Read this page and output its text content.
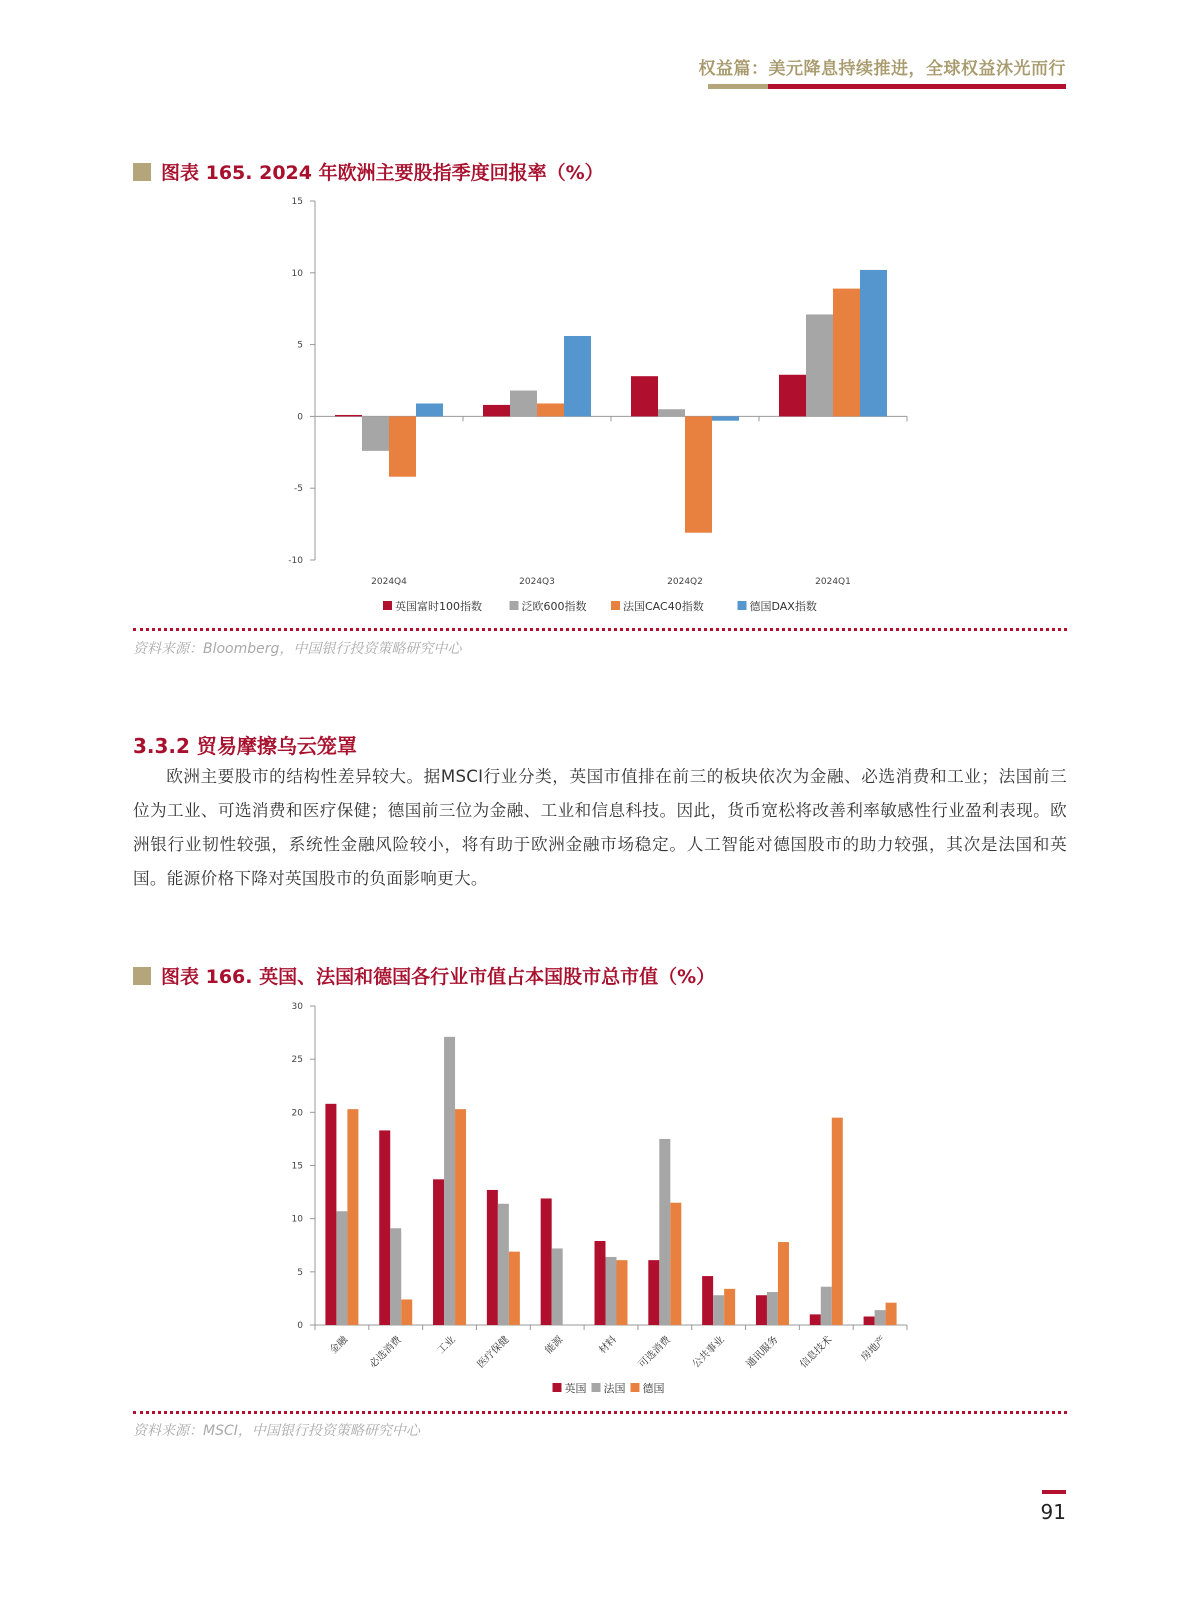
权益篇：美元降息持续推进，全球权益沐光而行
图表 165. 2024 年欧洲主要股指季度回报率（%）
15
10
5
0
-5
-10
2024Q4	2024Q3	2024Q2	2024Q1
英国富时100指数	泛欧600指数	法国CAC40指数	德国DAX指数
资料来源：Bloomberg，中国银行投资策略研究中心
3.3.2 贸易摩擦乌云笼罩

欧洲主要股市的结构性差异较大。据MSCI行业分类，英国市值排在前三的板块依次为金融、必选消费和工业；法国前三位为工业、可选消费和医疗保健；德国前三位为金融、工业和信息科技。因此，货币宽松将改善利率敏感性行业盈利表现。欧洲银行业韧性较强，系统性金融风险较小，将有助于欧洲金融市场稳定。人工智能对德国股市的助力较强，其次是法国和英国。能源价格下降对英国股市的负面影响更大。

图表 166. 英国、法国和德国各行业市值占本国股市总市值（%）
30
25
20
15
10
5
0
金融 必选消费	工业 医疗保健	能源	材料 可选消费 公共事业 通讯服务 信息技术 房地产
英国 法国 德国
资料来源：MSCI，中国银行投资策略研究中心
91
